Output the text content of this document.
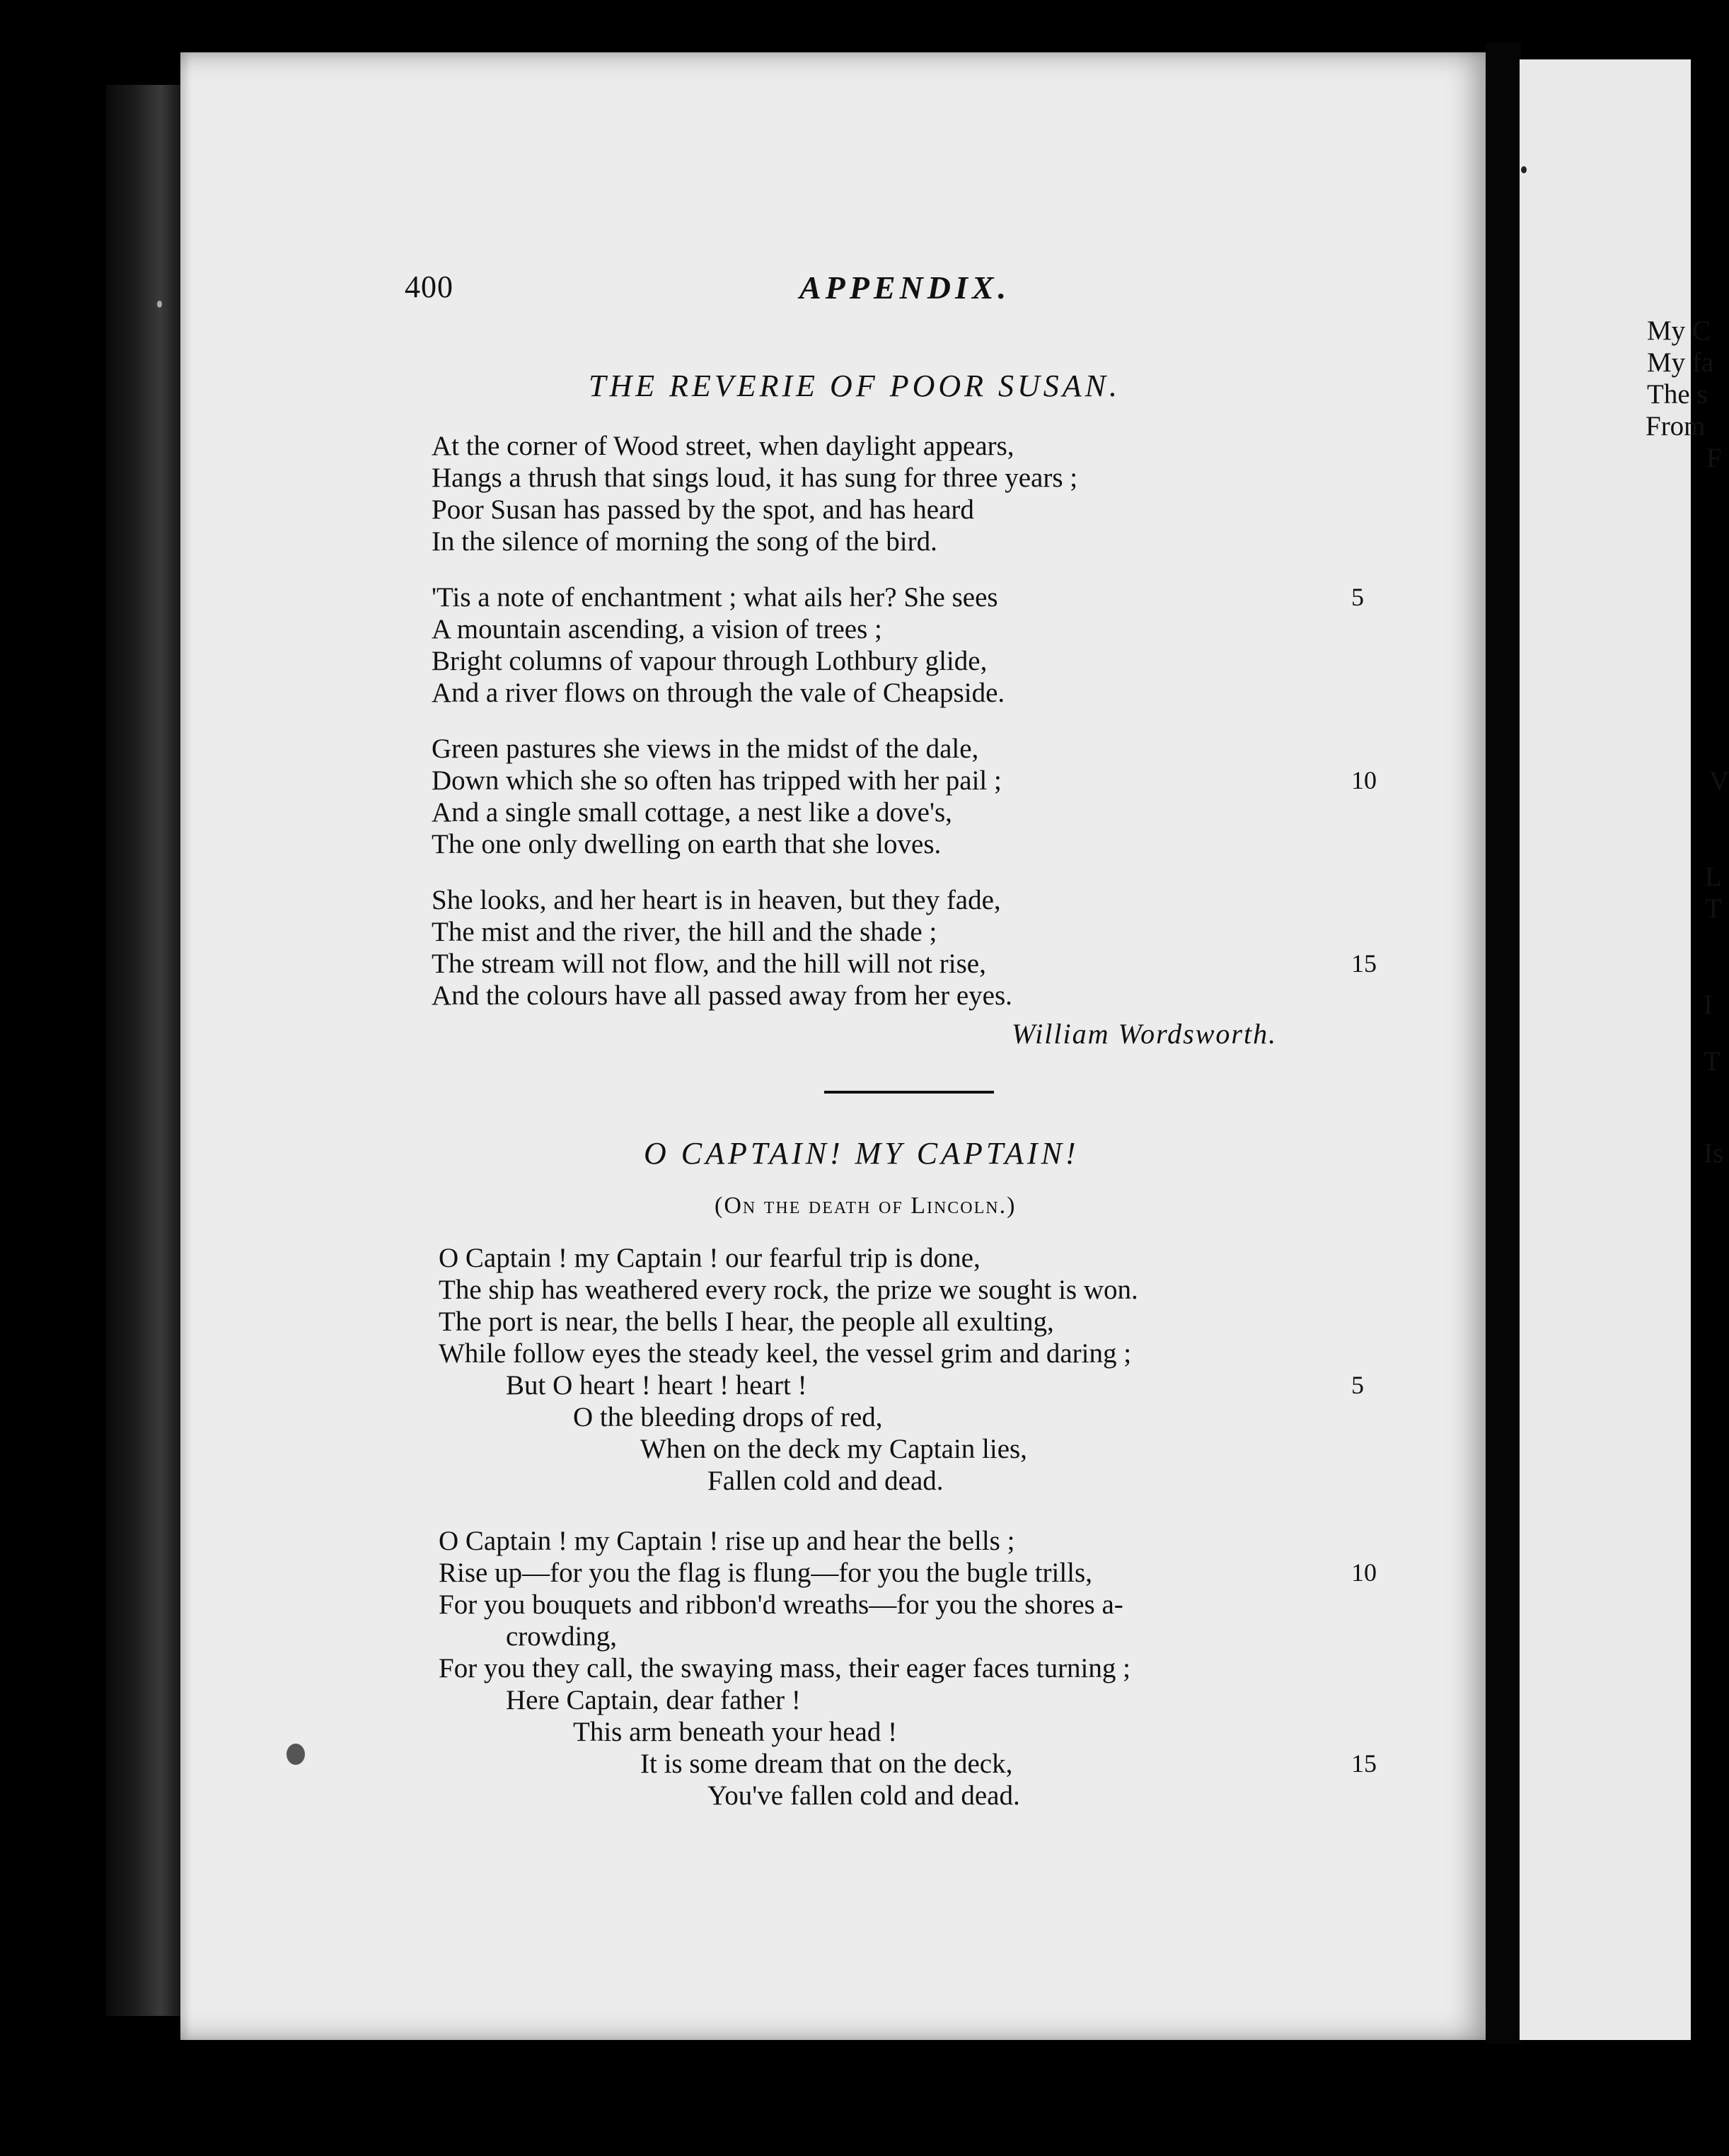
400	APPENDIX.
THE REVERIE OF POOR SUSAN.
At the corner of Wood street, when daylight appears,
Hangs a thrush that sings loud, it has sung for three years ;
Poor Susan has passed by the spot, and has heard
In the silence of morning the song of the bird.
'Tis a note of enchantment ; what ails her? She sees	5
A mountain ascending, a vision of trees ;
Bright columns of vapour through Lothbury glide,
And a river flows on through the vale of Cheapside.
Green pastures she views in the midst of the dale,
Down which she so often has tripped with her pail ;	10
And a single small cottage, a nest like a dove's,
The one only dwelling on earth that she loves.
She looks, and her heart is in heaven, but they fade,
The mist and the river, the hill and the shade ;
The stream will not flow, and the hill will not rise,	15
And the colours have all passed away from her eyes.
William Wordsworth.
O CAPTAIN! MY CAPTAIN!
(On the death of Lincoln.)
O Captain ! my Captain ! our fearful trip is done,
The ship has weathered every rock, the prize we sought is won.
The port is near, the bells I hear, the people all exulting,
While follow eyes the steady keel, the vessel grim and daring ;
But O heart ! heart ! heart !	5
O the bleeding drops of red,
When on the deck my Captain lies,
Fallen cold and dead.
O Captain ! my Captain ! rise up and hear the bells ;
Rise up—for you the flag is flung—for you the bugle trills,	10
For you bouquets and ribbon'd wreaths—for you the shores a-
crowding,
For you they call, the swaying mass, their eager faces turning ;
Here Captain, dear father !
This arm beneath your head !
It is some dream that on the deck,	15
You've fallen cold and dead.
My C
My fa
The s
From
F
V
L
T
I
T
Is
